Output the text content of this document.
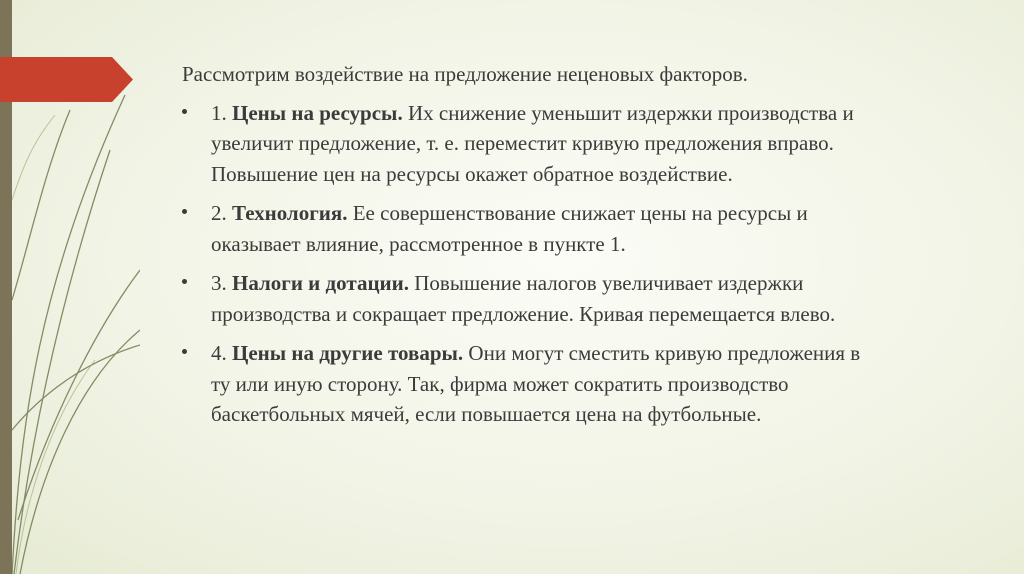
Рассмотрим воздействие на предложение неценовых факторов.

1. Цены на ресурсы. Их снижение уменьшит издержки производства и увеличит предложение, т. е. переместит кривую предложения вправо. Повышение цен на ресурсы окажет обратное воздействие.
2. Технология. Ее совершенствование снижает цены на ресурсы и оказывает влияние, рассмотренное в пункте 1.
3. Налоги и дотации. Повышение налогов увеличивает издержки производства и сокращает предложение. Кривая перемещается влево.
4. Цены на другие товары. Они могут сместить кривую предложения в ту или иную сторону. Так, фирма может сократить производство баскетбольных мячей, если повышается цена на футбольные.
